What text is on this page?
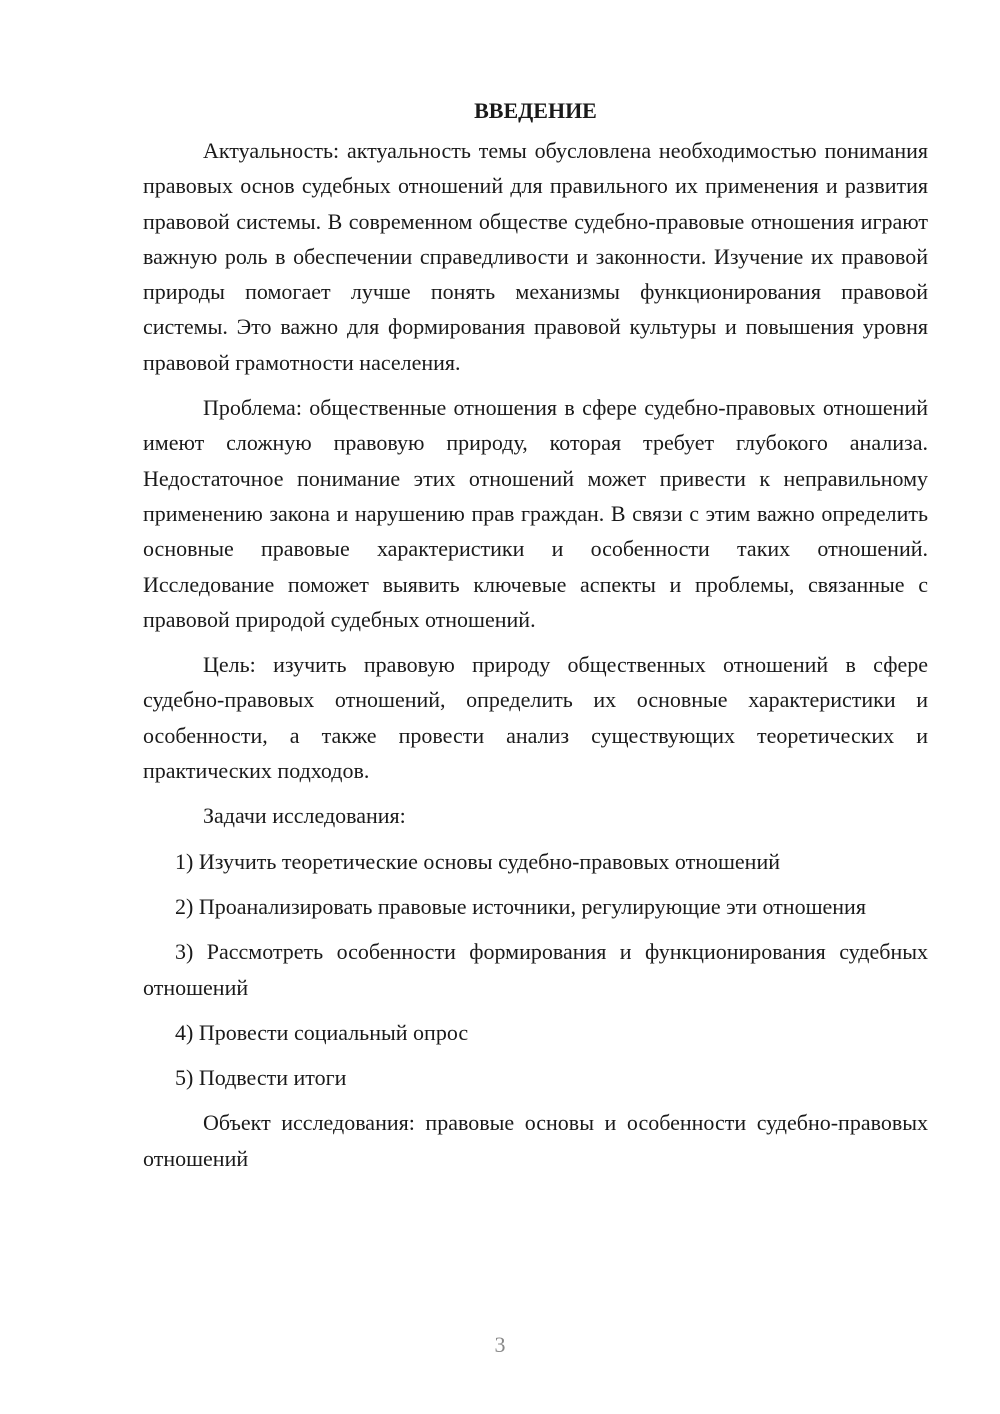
ВВЕДЕНИЕ

Актуальность: актуальность темы обусловлена необходимостью понимания правовых основ судебных отношений для правильного их применения и развития правовой системы. В современном обществе судебно-правовые отношения играют важную роль в обеспечении справедливости и законности. Изучение их правовой природы помогает лучше понять механизмы функционирования правовой системы. Это важно для формирования правовой культуры и повышения уровня правовой грамотности населения.

Проблема: общественные отношения в сфере судебно-правовых отношений имеют сложную правовую природу, которая требует глубокого анализа. Недостаточное понимание этих отношений может привести к неправильному применению закона и нарушению прав граждан. В связи с этим важно определить основные правовые характеристики и особенности таких отношений. Исследование поможет выявить ключевые аспекты и проблемы, связанные с правовой природой судебных отношений.

Цель: изучить правовую природу общественных отношений в сфере судебно-правовых отношений, определить их основные характеристики и особенности, а также провести анализ существующих теоретических и практических подходов.

Задачи исследования:

1) Изучить теоретические основы судебно-правовых отношений

2) Проанализировать правовые источники, регулирующие эти отношения

3) Рассмотреть особенности формирования и функционирования судебных отношений

4) Провести социальный опрос

5) Подвести итоги

Объект исследования: правовые основы и особенности судебно-правовых отношений

3
